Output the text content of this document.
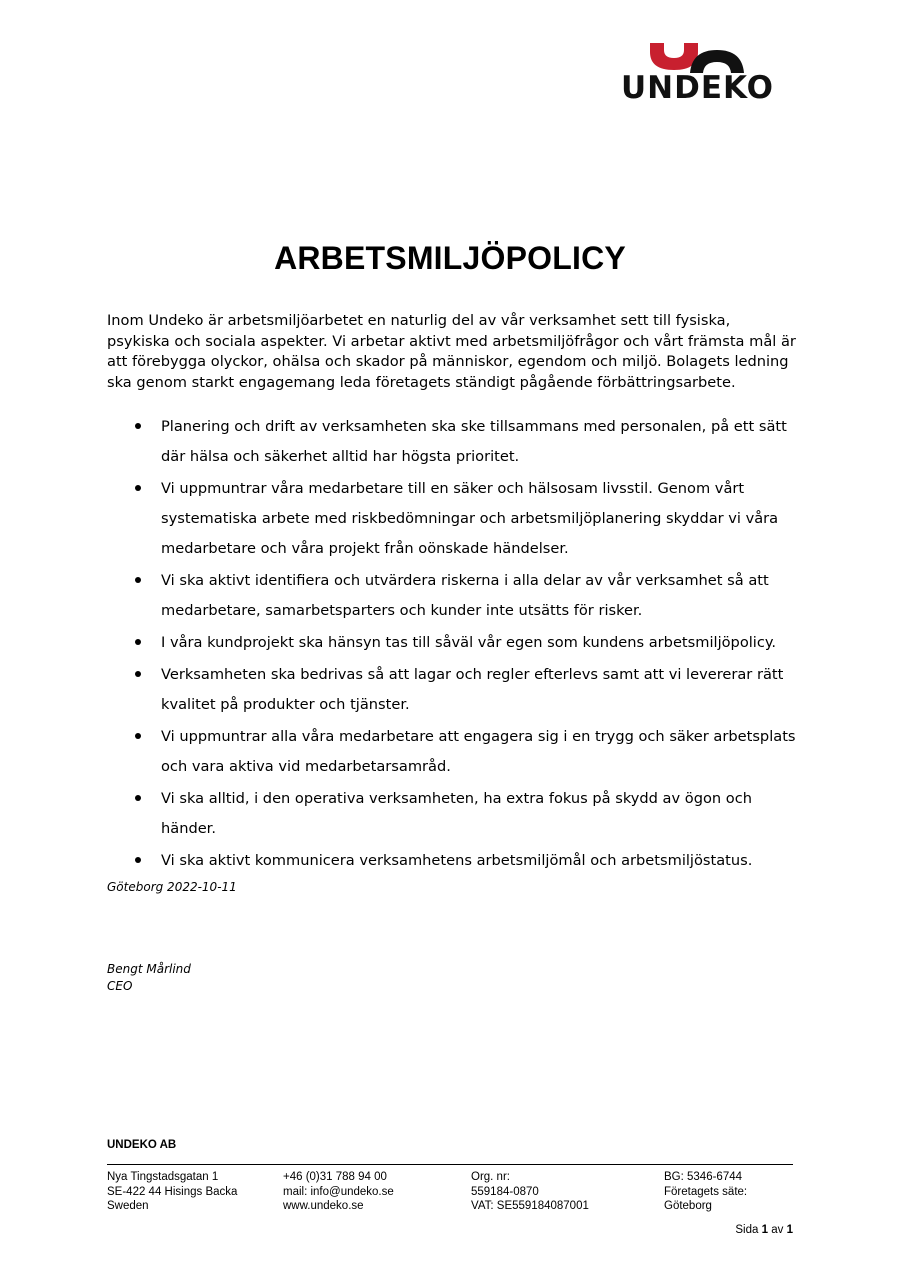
UNDEKO
ARBETSMILJÖPOLICY

Inom Undeko är arbetsmiljöarbetet en naturlig del av vår verksamhet sett till fysiska, psykiska och sociala aspekter. Vi arbetar aktivt med arbetsmiljöfrågor och vårt främsta mål är att förebygga olyckor, ohälsa och skador på människor, egendom och miljö. Bolagets ledning ska genom starkt engagemang leda företagets ständigt pågående förbättringsarbete.

Planering och drift av verksamheten ska ske tillsammans med personalen, på ett sätt där hälsa och säkerhet alltid har högsta prioritet.
Vi uppmuntrar våra medarbetare till en säker och hälsosam livsstil. Genom vårt systematiska arbete med riskbedömningar och arbetsmiljöplanering skyddar vi våra medarbetare och våra projekt från oönskade händelser.
Vi ska aktivt identifiera och utvärdera riskerna i alla delar av vår verksamhet så att medarbetare, samarbetsparters och kunder inte utsätts för risker.
I våra kundprojekt ska hänsyn tas till såväl vår egen som kundens arbetsmiljöpolicy.
Verksamheten ska bedrivas så att lagar och regler efterlevs samt att vi levererar rätt kvalitet på produkter och tjänster.
Vi uppmuntrar alla våra medarbetare att engagera sig i en trygg och säker arbetsplats och vara aktiva vid medarbetarsamråd.
Vi ska alltid, i den operativa verksamheten, ha extra fokus på skydd av ögon och händer.
Vi ska aktivt kommunicera verksamhetens arbetsmiljömål och arbetsmiljöstatus.

Göteborg 2022-10-11

Bengt Mårlind

CEO

UNDEKO AB

Nya Tingstadsgatan 1
SE-422 44 Hisings Backa
Sweden
+46 (0)31 788 94 00
mail: info@undeko.se
www.undeko.se
Org. nr:
559184-0870
VAT: SE559184087001
BG: 5346-6744
Företagets säte:
Göteborg

Sida 1 av 1
